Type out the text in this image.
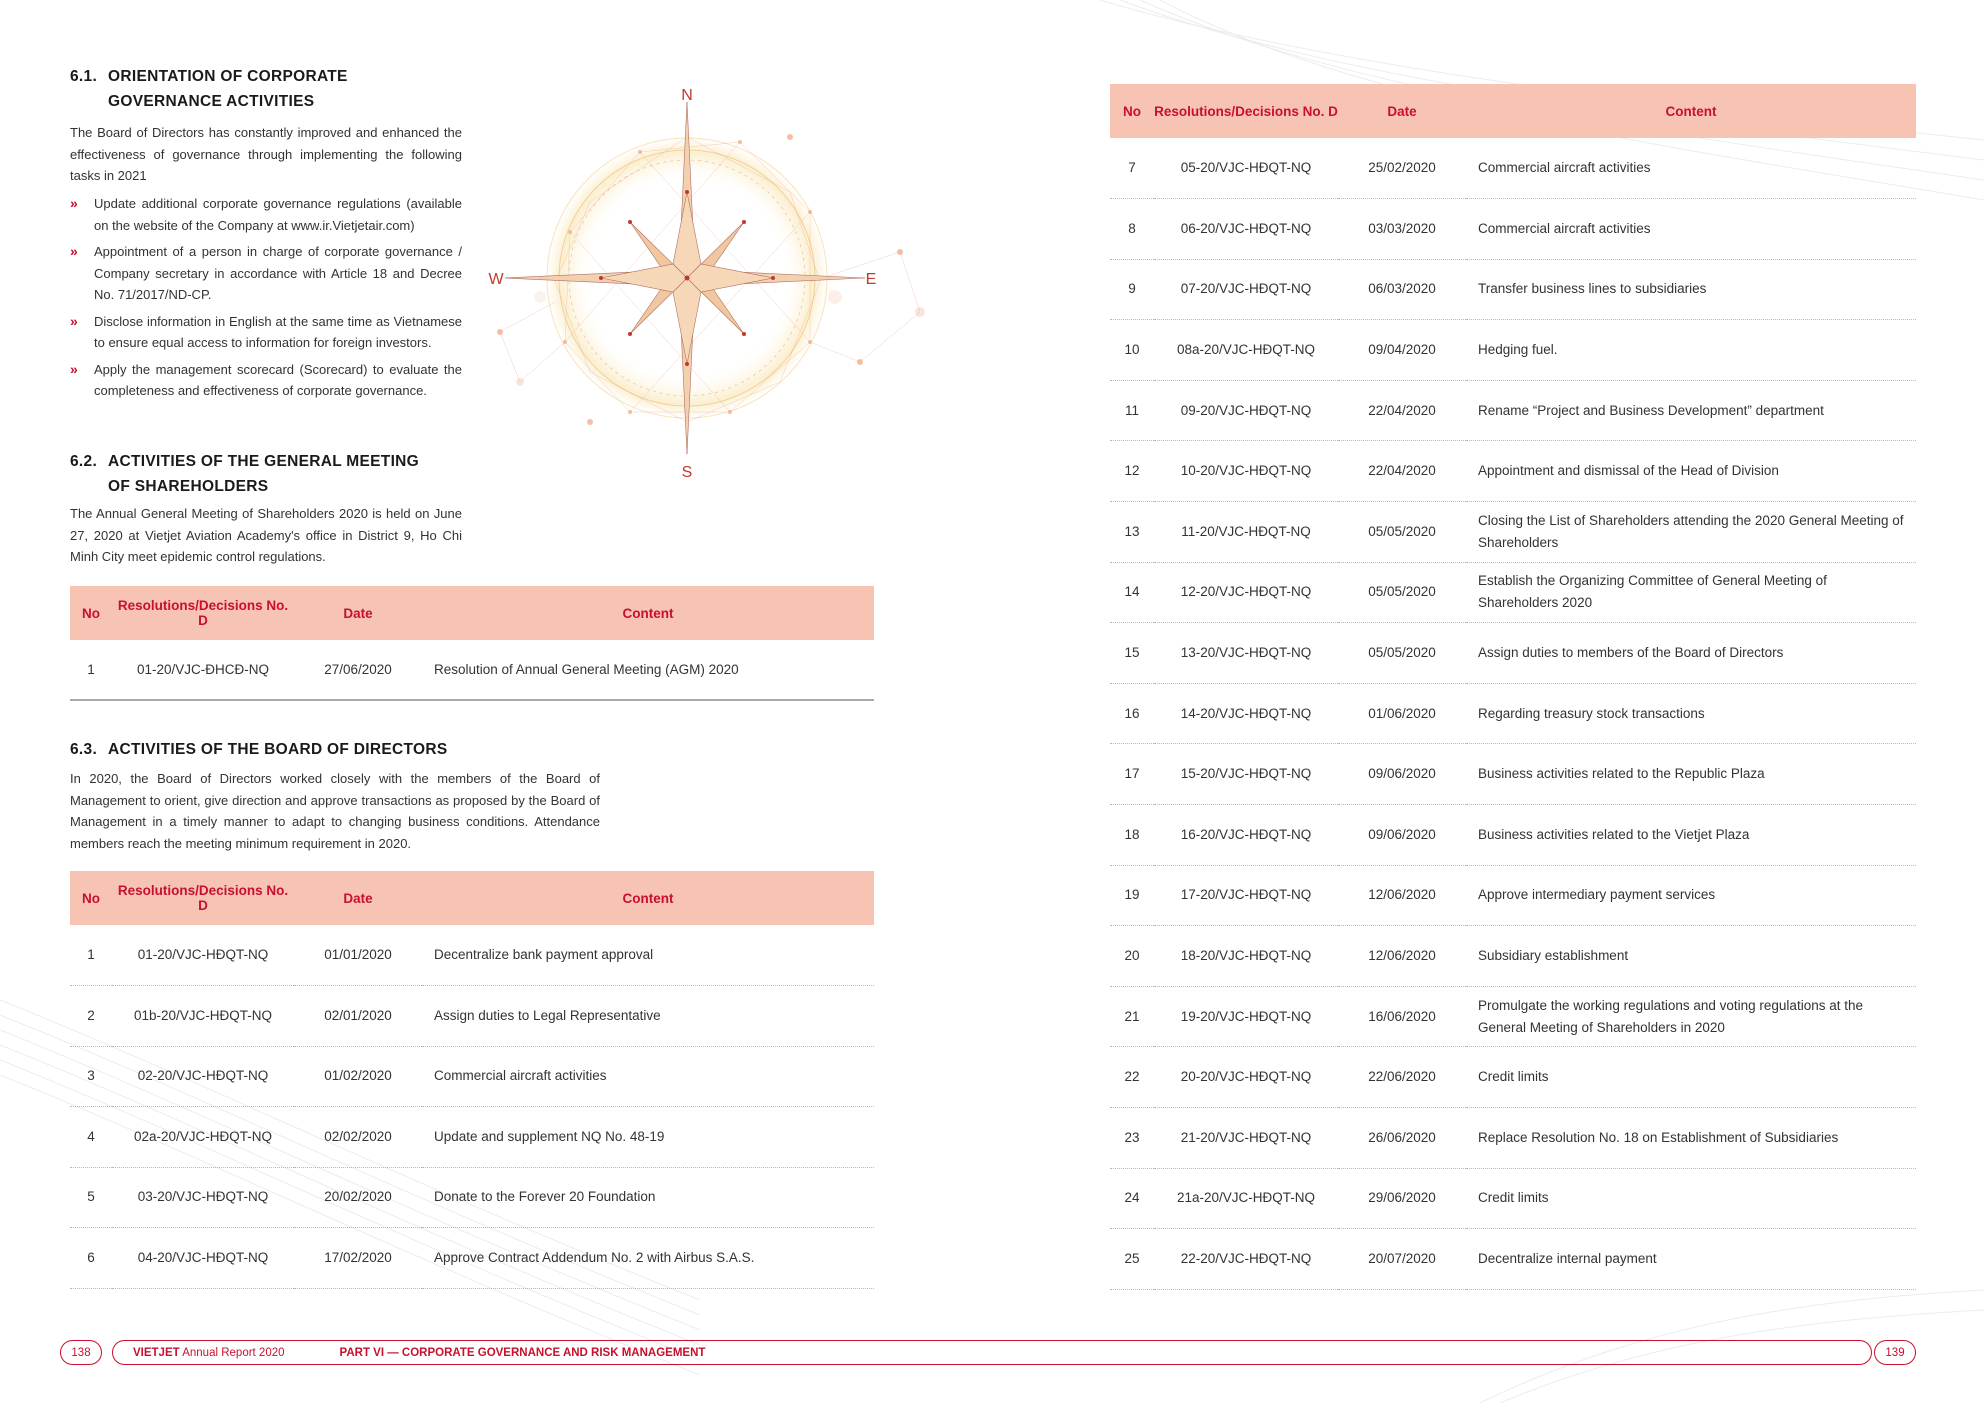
6.1. ORIENTATION OF CORPORATE
GOVERNANCE ACTIVITIES

The Board of Directors has constantly improved and enhanced the effectiveness of governance through implementing the following tasks in 2021

» Update additional corporate governance regulations (available on the website of the Company at www.ir.Vietjetair.com)
» Appointment of a person in charge of corporate governance / Company secretary in accordance with Article 18 and Decree No. 71/2017/ND-CP.
» Disclose information in English at the same time as Vietnamese to ensure equal access to information for foreign investors.
» Apply the management scorecard (Scorecard) to evaluate the completeness and effectiveness of corporate governance.
6.2. ACTIVITIES OF THE GENERAL MEETING
OF SHAREHOLDERS

The Annual General Meeting of Shareholders 2020 is held on June 27, 2020 at Vietjet Aviation Academy's office in District 9, Ho Chi Minh City meet epidemic control regulations.

N
S
W	E
No	Resolutions/Decisions No. D	Date	Content
1	01-20/VJC-ĐHCĐ-NQ	27/06/2020	Resolution of Annual General Meeting (AGM) 2020
6.3. ACTIVITIES OF THE BOARD OF DIRECTORS

In 2020, the Board of Directors worked closely with the members of the Board of Management to orient, give direction and approve transactions as proposed by the Board of Management in a timely manner to adapt to changing business conditions. Attendance members reach the meeting minimum requirement in 2020.

No	Resolutions/Decisions No. D	Date	Content
1	01-20/VJC-HĐQT-NQ	01/01/2020	Decentralize bank payment approval
2	01b-20/VJC-HĐQT-NQ	02/01/2020	Assign duties to Legal Representative
3	02-20/VJC-HĐQT-NQ	01/02/2020	Commercial aircraft activities
4	02a-20/VJC-HĐQT-NQ	02/02/2020	Update and supplement NQ No. 48-19
5	03-20/VJC-HĐQT-NQ	20/02/2020	Donate to the Forever 20 Foundation
6	04-20/VJC-HĐQT-NQ	17/02/2020	Approve Contract Addendum No. 2 with Airbus S.A.S.
138	VIETJET Annual Report 2020	PART VI — CORPORATE GOVERNANCE AND RISK MANAGEMENT
No	Resolutions/Decisions No. D	Date	Content
7	05-20/VJC-HĐQT-NQ	25/02/2020	Commercial aircraft activities
8	06-20/VJC-HĐQT-NQ	03/03/2020	Commercial aircraft activities
9	07-20/VJC-HĐQT-NQ	06/03/2020	Transfer business lines to subsidiaries
10	08a-20/VJC-HĐQT-NQ	09/04/2020	Hedging fuel.
11	09-20/VJC-HĐQT-NQ	22/04/2020	Rename “Project and Business Development” department
12	10-20/VJC-HĐQT-NQ	22/04/2020	Appointment and dismissal of the Head of Division
13	11-20/VJC-HĐQT-NQ	05/05/2020	Closing the List of Shareholders attending the 2020 General Meeting of Shareholders
14	12-20/VJC-HĐQT-NQ	05/05/2020	Establish the Organizing Committee of General Meeting of Shareholders 2020
15	13-20/VJC-HĐQT-NQ	05/05/2020	Assign duties to members of the Board of Directors
16	14-20/VJC-HĐQT-NQ	01/06/2020	Regarding treasury stock transactions
17	15-20/VJC-HĐQT-NQ	09/06/2020	Business activities related to the Republic Plaza
18	16-20/VJC-HĐQT-NQ	09/06/2020	Business activities related to the Vietjet Plaza
19	17-20/VJC-HĐQT-NQ	12/06/2020	Approve intermediary payment services
20	18-20/VJC-HĐQT-NQ	12/06/2020	Subsidiary establishment
21	19-20/VJC-HĐQT-NQ	16/06/2020	Promulgate the working regulations and voting regulations at the General Meeting of Shareholders in 2020
22	20-20/VJC-HĐQT-NQ	22/06/2020	Credit limits
23	21-20/VJC-HĐQT-NQ	26/06/2020	Replace Resolution No. 18 on Establishment of Subsidiaries
24	21a-20/VJC-HĐQT-NQ	29/06/2020	Credit limits
25	22-20/VJC-HĐQT-NQ	20/07/2020	Decentralize internal payment
139
